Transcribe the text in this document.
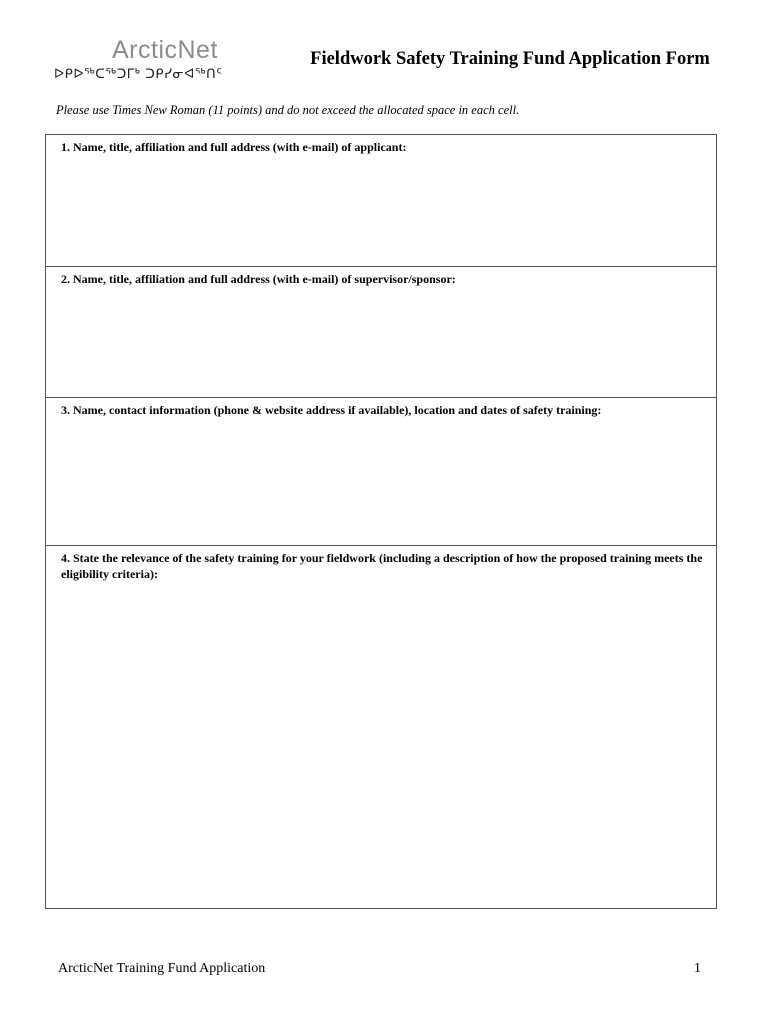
ArcticNet
ᐅᑭᐅᖅᑕᖅᑐᒥᒃ ᑐᑭᓯᓂᐊᖅᑎᑦ
Fieldwork Safety Training Fund Application Form
Please use Times New Roman (11 points) and do not exceed the allocated space in each cell.
1. Name, title, affiliation and full address (with e-mail) of applicant:
2. Name, title, affiliation and full address (with e-mail) of supervisor/sponsor:
3. Name, contact information (phone & website address if available), location and dates of safety training:
4. State the relevance of the safety training for your fieldwork (including a description of how the proposed training meets the eligibility criteria):
ArcticNet Training Fund Application	1
